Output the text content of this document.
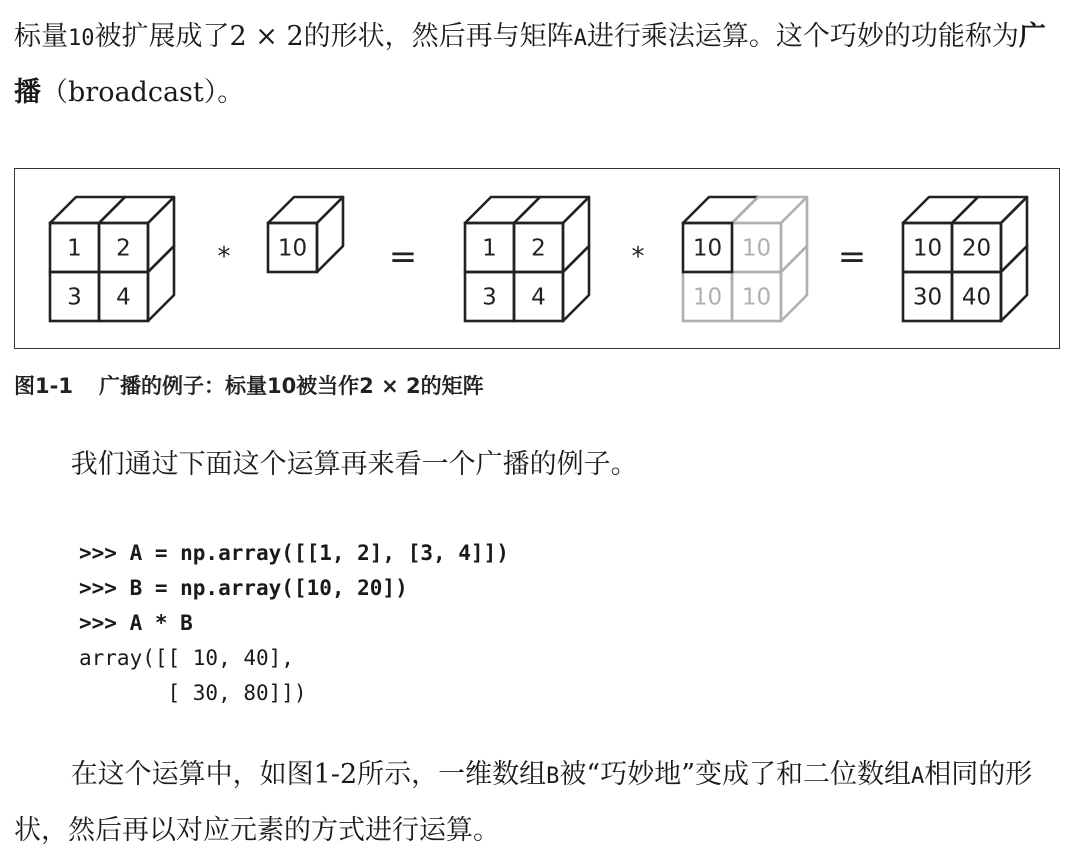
标量10被扩展成了2 × 2的形状，然后再与矩阵A进行乘法运算。这个巧妙的功能称为广播（broadcast）。

1 2
3 4
* 10 =	1 2
3 4
*	10
10 10
10	= 10 20
30 40
图1-1 广播的例子：标量10被当作2 × 2的矩阵

我们通过下面这个运算再来看一个广播的例子。

>>> A = np.array([[1, 2], [3, 4]])
>>> B = np.array([10, 20])
>>> A * B
array([[ 10, 40],
[ 30, 80]])

在这个运算中，如图1-2所示，一维数组B被“巧妙地”变成了和二位数组A相同的形状，然后再以对应元素的方式进行运算。
